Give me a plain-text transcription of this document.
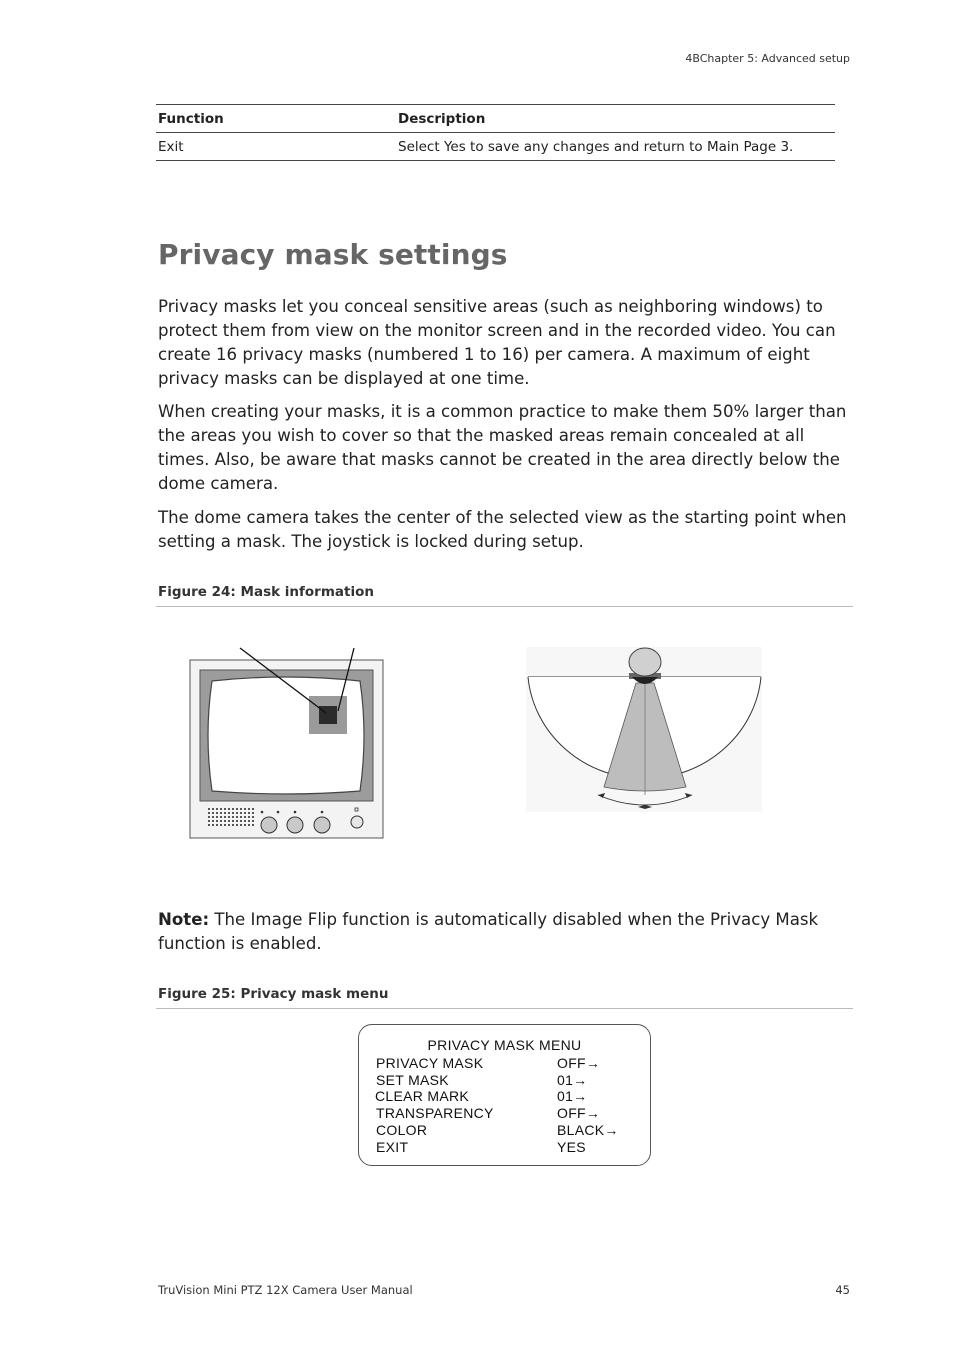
4BChapter 5: Advanced setup
Function	Description
Exit	Select Yes to save any changes and return to Main Page 3.
Privacy mask settings

Privacy masks let you conceal sensitive areas (such as neighboring windows) to protect them from view on the monitor screen and in the recorded video. You can create 16 privacy masks (numbered 1 to 16) per camera. A maximum of eight privacy masks can be displayed at one time.

When creating your masks, it is a common practice to make them 50% larger than the areas you wish to cover so that the masked areas remain concealed at all times. Also, be aware that masks cannot be created in the area directly below the dome camera.

The dome camera takes the center of the selected view as the starting point when setting a mask. The joystick is locked during setup.

Figure 24: Mask information

Note: The Image Flip function is automatically disabled when the Privacy Mask function is enabled.

Figure 25: Privacy mask menu
PRIVACY MASK MENU
PRIVACY MASK	OFF→
SET MASK	01→
CLEAR MARK	01→
TRANSPARENCY	OFF→
COLOR	BLACK→
EXIT	YES
TruVision Mini PTZ 12X Camera User Manual	45
